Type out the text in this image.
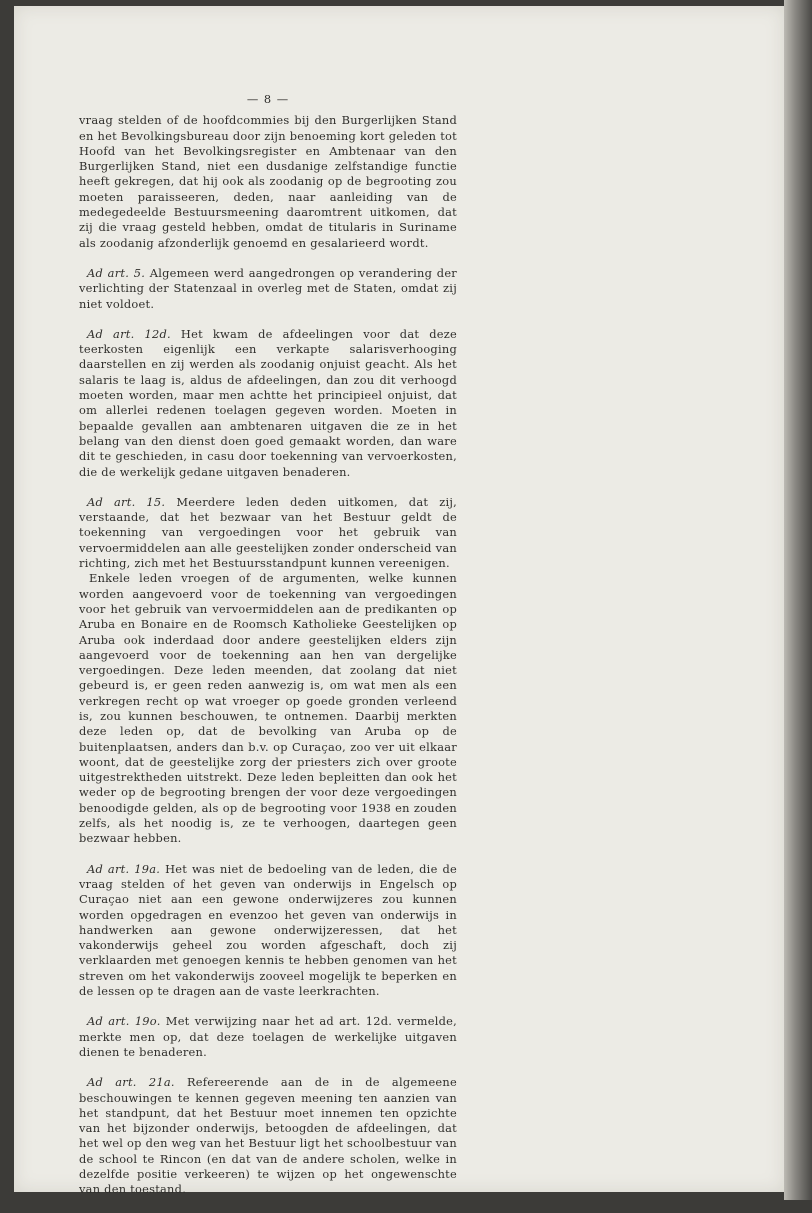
— 8 —

vraag stelden of de hoofdcommies bij den Burgerlijken Stand en het Bevolkingsbureau door zijn benoeming kort geleden tot Hoofd van het Bevolkingsregister en Ambtenaar van den Burgerlijken Stand, niet een dusdanige zelfstandige functie heeft gekregen, dat hij ook als zoodanig op de begrooting zou moeten paraisseeren, deden, naar aanleiding van de medegedeelde Bestuursmeening daaromtrent uitkomen, dat zij die vraag gesteld hebben, omdat de titularis in Suriname als zoodanig afzonderlijk genoemd en gesalarieerd wordt.

Ad art. 5. Algemeen werd aangedrongen op verandering der verlichting der Statenzaal in overleg met de Staten, omdat zij niet voldoet.

Ad art. 12d. Het kwam de afdeelingen voor dat deze teerkosten eigenlijk een verkapte salarisverhooging daarstellen en zij werden als zoodanig onjuist geacht. Als het salaris te laag is, aldus de afdeelingen, dan zou dit verhoogd moeten worden, maar men achtte het principieel onjuist, dat om allerlei redenen toelagen gegeven worden. Moeten in bepaalde gevallen aan ambtenaren uitgaven die ze in het belang van den dienst doen goed gemaakt worden, dan ware dit te geschieden, in casu door toekenning van vervoerkosten, die de werkelijk gedane uitgaven benaderen.

Ad art. 15. Meerdere leden deden uitkomen, dat zij, verstaande, dat het bezwaar van het Bestuur geldt de toekenning van vergoedingen voor het gebruik van vervoermiddelen aan alle geestelijken zonder onderscheid van richting, zich met het Bestuursstandpunt kunnen vereenigen.

Enkele leden vroegen of de argumenten, welke kunnen worden aangevoerd voor de toekenning van vergoedingen voor het gebruik van vervoermiddelen aan de predikanten op Aruba en Bonaire en de Roomsch Katholieke Geestelijken op Aruba ook inderdaad door andere geestelijken elders zijn aangevoerd voor de toekenning aan hen van dergelijke vergoedingen. Deze leden meenden, dat zoolang dat niet gebeurd is, er geen reden aanwezig is, om wat men als een verkregen recht op wat vroeger op goede gronden verleend is, zou kunnen beschouwen, te ontnemen. Daarbij merkten deze leden op, dat de bevolking van Aruba op de buitenplaatsen, anders dan b.v. op Curaçao, zoo ver uit elkaar woont, dat de geestelijke zorg der priesters zich over groote uitgestrektheden uitstrekt. Deze leden bepleitten dan ook het weder op de begrooting brengen der voor deze vergoedingen benoodigde gelden, als op de begrooting voor 1938 en zouden zelfs, als het noodig is, ze te verhoogen, daartegen geen bezwaar hebben.

Ad art. 19a. Het was niet de bedoeling van de leden, die de vraag stelden of het geven van onderwijs in Engelsch op Curaçao niet aan een gewone onderwijzeres zou kunnen worden opgedragen en evenzoo het geven van onderwijs in handwerken aan gewone onderwijzeressen, dat het vakonderwijs geheel zou worden afgeschaft, doch zij verklaarden met genoegen kennis te hebben genomen van het streven om het vakonderwijs zooveel mogelijk te beperken en de lessen op te dragen aan de vaste leerkrachten.

Ad art. 19o. Met verwijzing naar het ad art. 12d. vermelde, merkte men op, dat deze toelagen de werkelijke uitgaven dienen te benaderen.

Ad art. 21a. Refereerende aan de in de algemeene beschouwingen te kennen gegeven meening ten aanzien van het standpunt, dat het Bestuur moet innemen ten opzichte van het bijzonder onderwijs, betoogden de afdeelingen, dat het wel op den weg van het Bestuur ligt het schoolbestuur van de school te Rincon (en dat van de andere scholen, welke in dezelfde positie verkeeren) te wijzen op het ongewenschte van den toestand.
